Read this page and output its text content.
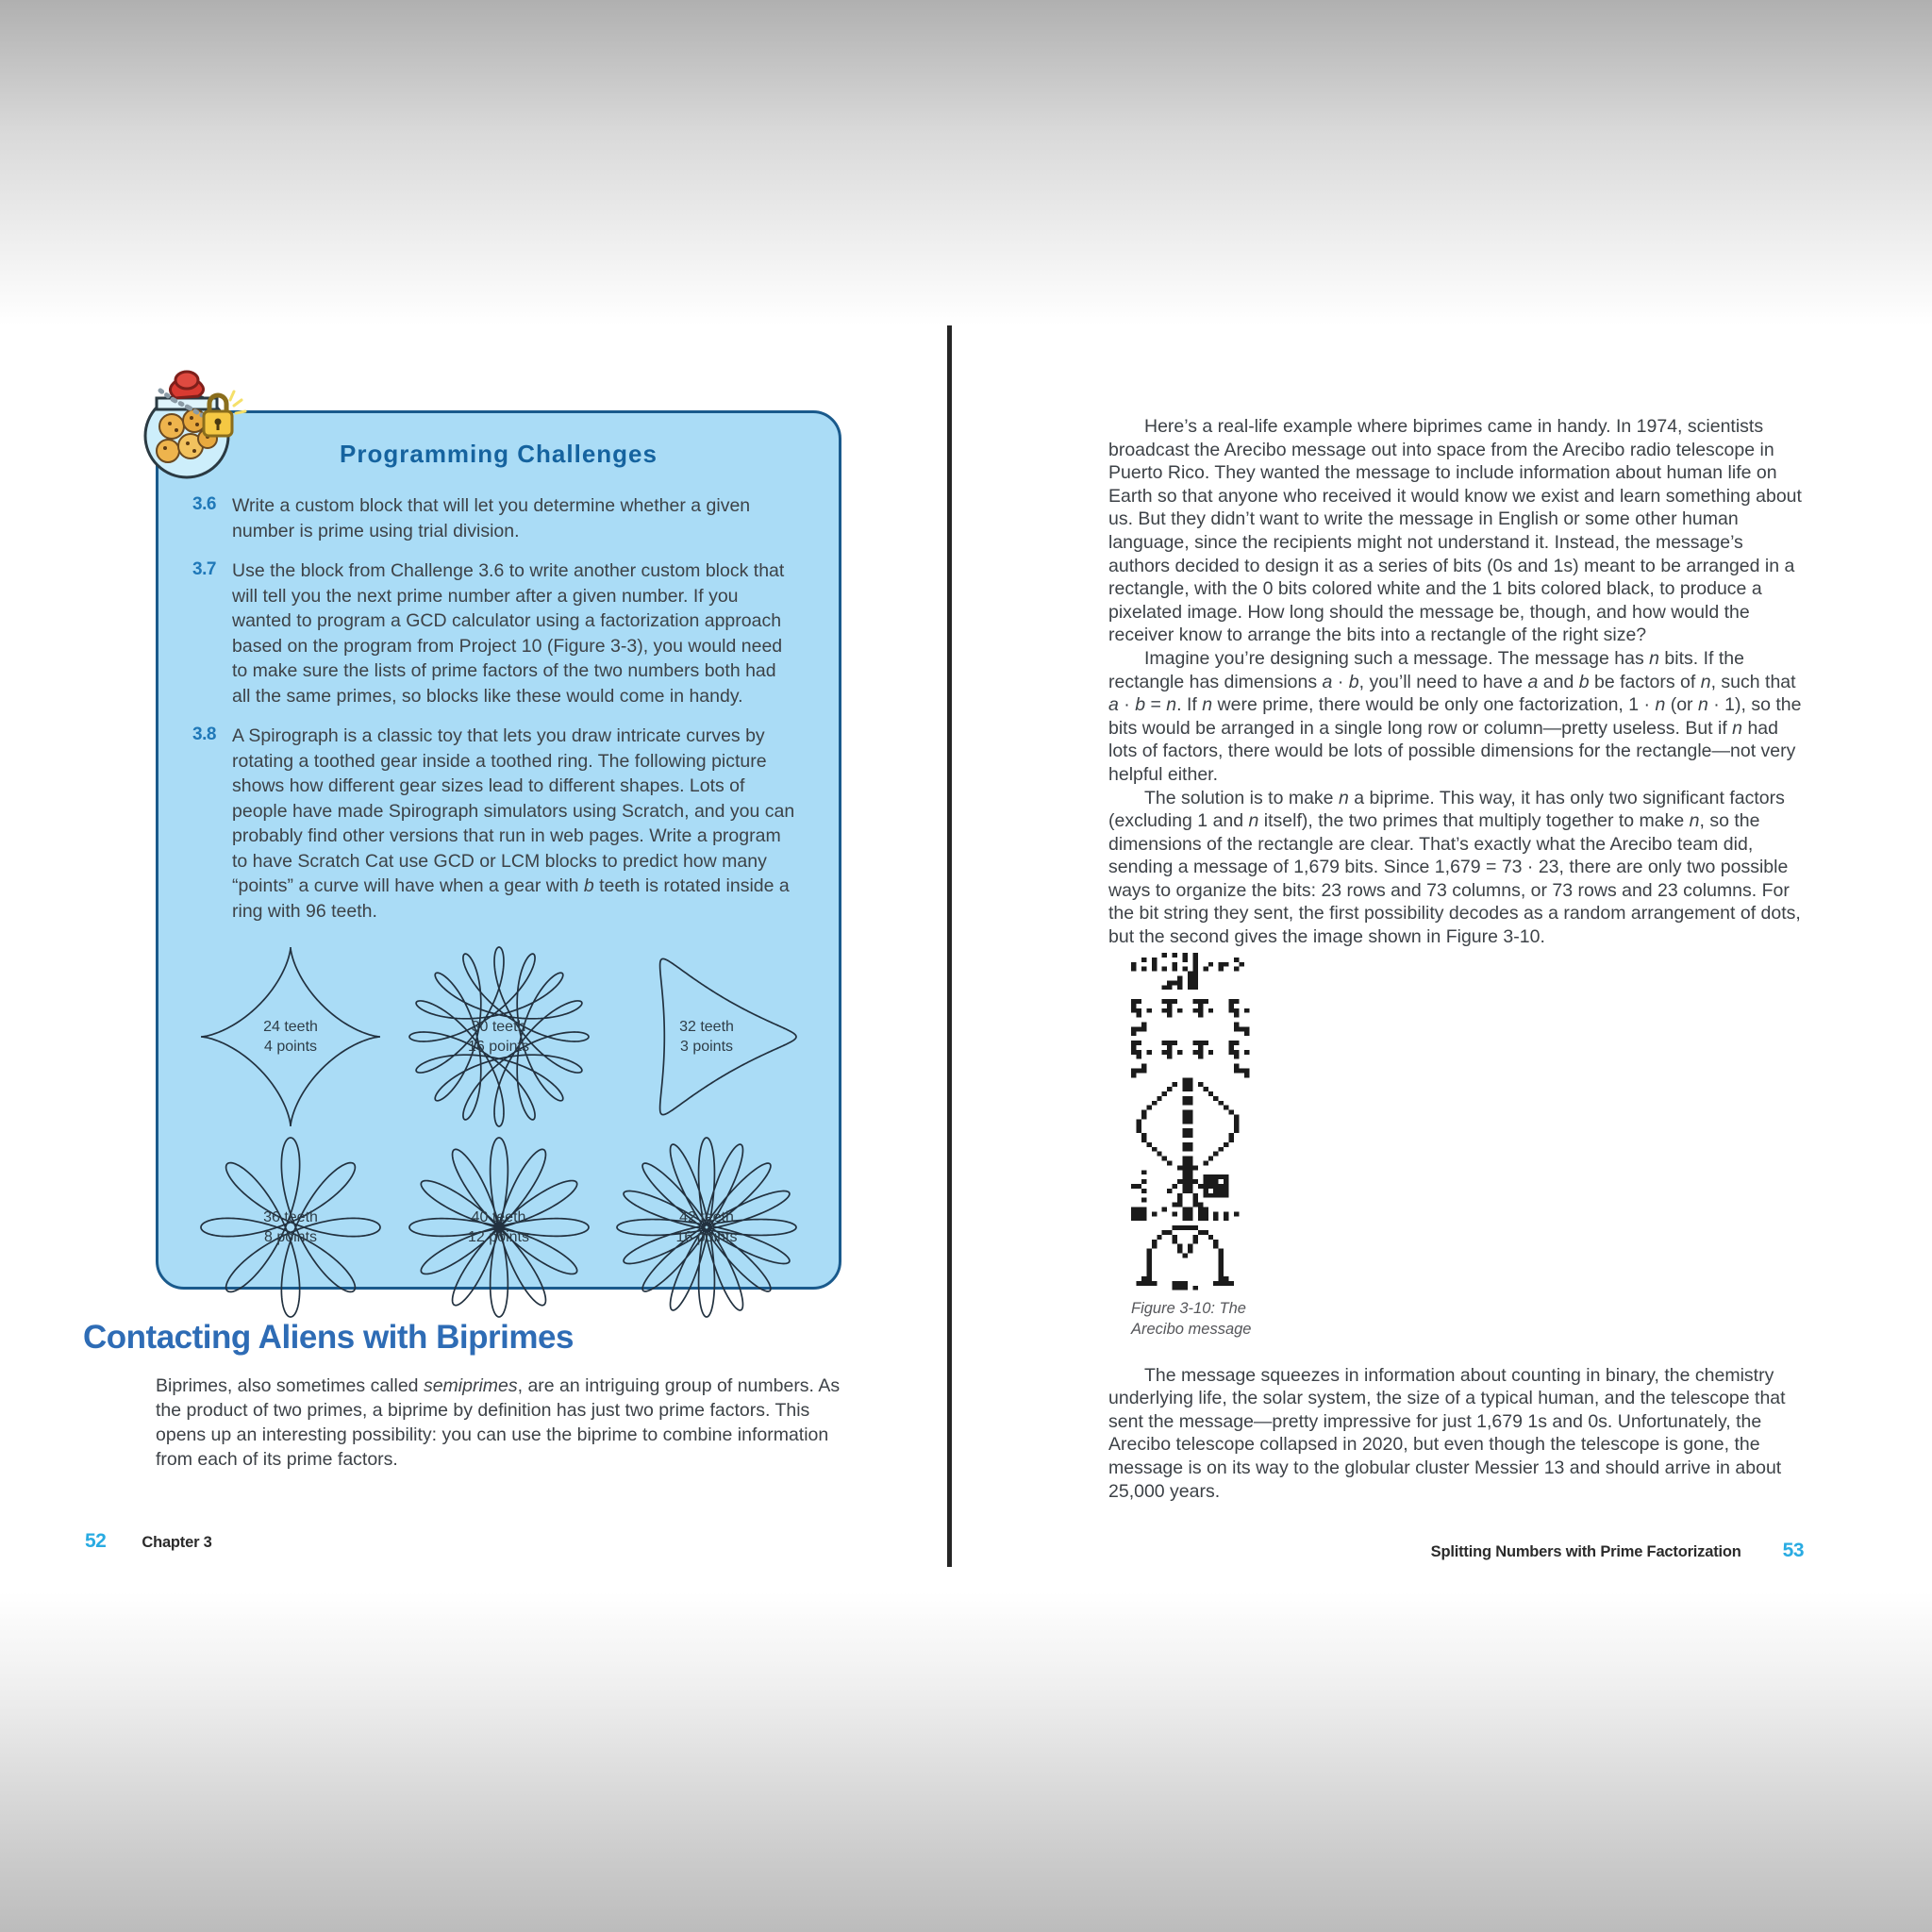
Programming Challenges
3.6 Write a custom block that will let you determine whether a given number is prime using trial division.
3.7 Use the block from Challenge 3.6 to write another custom block that will tell you the next prime number after a given number. If you wanted to program a GCD calculator using a factorization approach based on the program from Project 10 (Figure 3-3), you would need to make sure the lists of prime factors of the two numbers both had all the same primes, so blocks like these would come in handy.
3.8 A Spirograph is a classic toy that lets you draw intricate curves by rotating a toothed gear inside a toothed ring. The following picture shows how different gear sizes lead to different shapes. Lots of people have made Spirograph simulators using Scratch, and you can probably find other versions that run in web pages. Write a program to have Scratch Cat use GCD or LCM blocks to predict how many “points” a curve will have when a gear with b teeth is rotated inside a ring with 96 teeth.
24 teeth
4 points
30 teeth
16 points
32 teeth
3 points
36 teeth
8 points
40 teeth
12 points
42 teeth
16 points
Contacting Aliens with Biprimes
Biprimes, also sometimes called semiprimes, are an intriguing group of numbers. As the product of two primes, a biprime by definition has just two prime factors. This opens up an interesting possibility: you can use the biprime to combine information from each of its prime factors.
52 Chapter 3

Here’s a real-life example where biprimes came in handy. In 1974, scientists broadcast the Arecibo message out into space from the Arecibo radio telescope in Puerto Rico. They wanted the message to include information about human life on Earth so that anyone who received it would know we exist and learn something about us. But they didn’t want to write the message in English or some other human language, since the recipients might not understand it. Instead, the message’s authors decided to design it as a series of bits (0s and 1s) meant to be arranged in a rectangle, with the 0 bits colored white and the 1 bits colored black, to produce a pixelated image. How long should the message be, though, and how would the receiver know to arrange the bits into a rectangle of the right size?

Imagine you’re designing such a message. The message has n bits. If the rectangle has dimensions a · b, you’ll need to have a and b be factors of n, such that a · b = n. If n were prime, there would be only one factorization, 1 · n (or n · 1), so the bits would be arranged in a single long row or column—pretty useless. But if n had lots of factors, there would be lots of possible dimensions for the rectangle—not very helpful either.

The solution is to make n a biprime. This way, it has only two significant factors (excluding 1 and n itself), the two primes that multiply together to make n, so the dimensions of the rectangle are clear. That’s exactly what the Arecibo team did, sending a message of 1,679 bits. Since 1,679 = 73 · 23, there are only two possible ways to organize the bits: 23 rows and 73 columns, or 73 rows and 23 columns. For the bit string they sent, the first possibility decodes as a random arrangement of dots, but the second gives the image shown in Figure 3-10.

Figure 3-10: The
Arecibo message

The message squeezes in information about counting in binary, the chemistry underlying life, the solar system, the size of a typical human, and the telescope that sent the message—pretty impressive for just 1,679 1s and 0s. Unfortunately, the Arecibo telescope collapsed in 2020, but even though the telescope is gone, the message is on its way to the globular cluster Messier 13 and should arrive in about 25,000 years.

Splitting Numbers with Prime Factorization 53
